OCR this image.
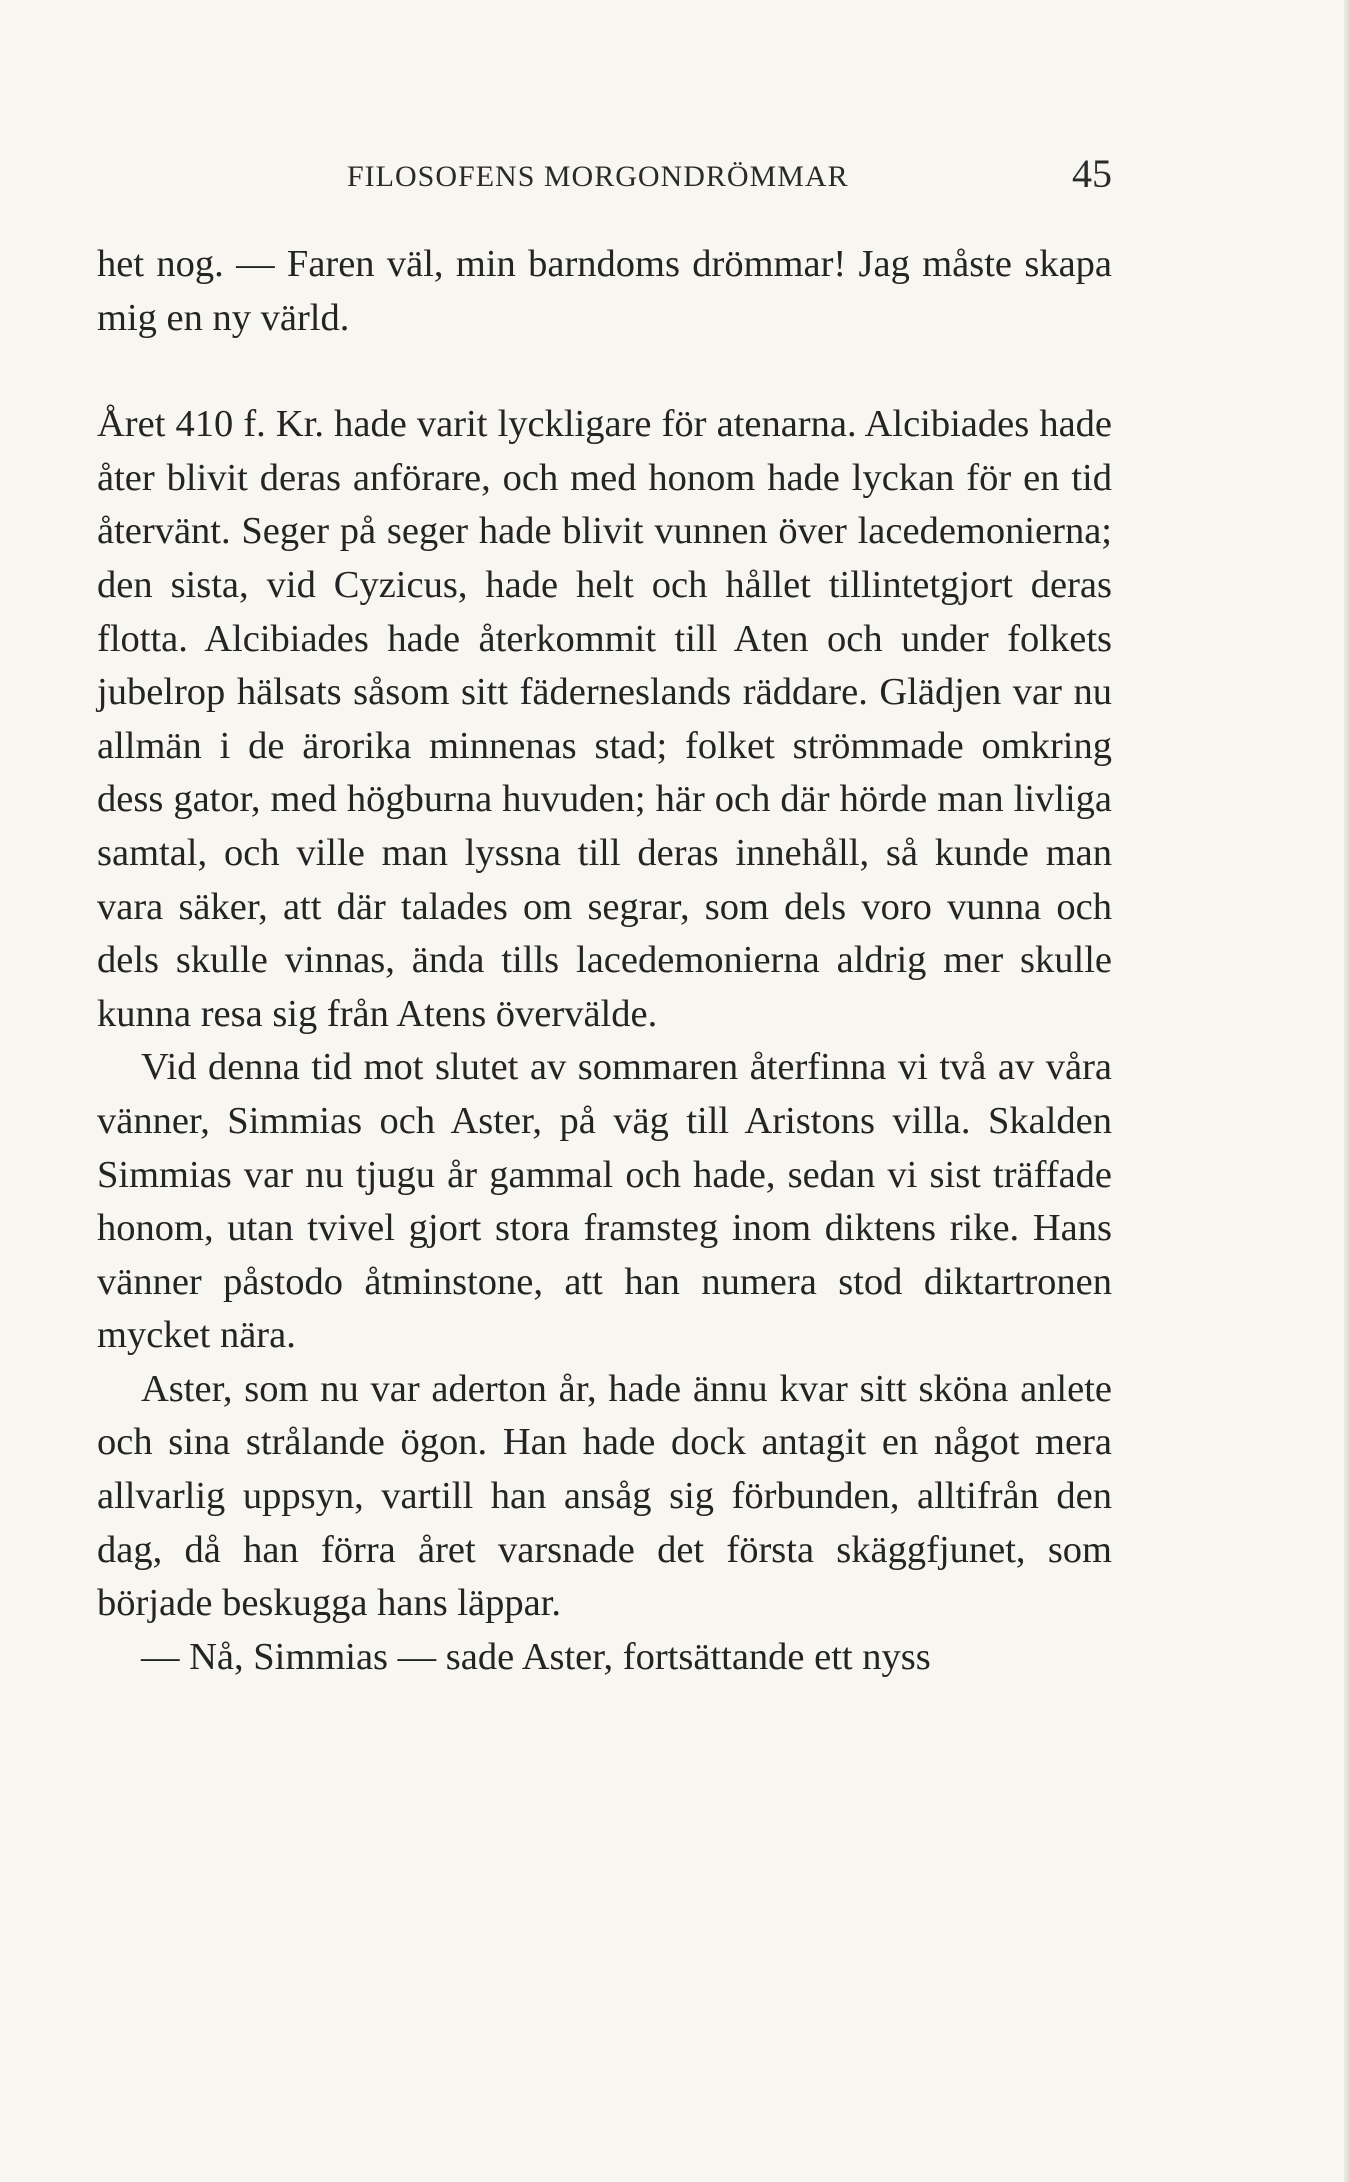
FILOSOFENS MORGONDRÖMMAR	45

het nog. — Faren väl, min barndoms drömmar! Jag måste skapa mig en ny värld.

Året 410 f. Kr. hade varit lyckligare för atenarna. Alcibiades hade åter blivit deras anförare, och med honom hade lyckan för en tid återvänt. Seger på seger hade blivit vunnen över lacedemonierna; den sista, vid Cyzicus, hade helt och hållet tillintetgjort deras flotta. Alcibiades hade återkommit till Aten och under folkets jubelrop hälsats såsom sitt fäderneslands räddare. Glädjen var nu allmän i de ärorika minnenas stad; folket strömmade omkring dess gator, med högburna huvuden; här och där hörde man livliga samtal, och ville man lyssna till deras innehåll, så kunde man vara säker, att där talades om segrar, som dels voro vunna och dels skulle vinnas, ända tills lacedemonierna aldrig mer skulle kunna resa sig från Atens övervälde.

Vid denna tid mot slutet av sommaren återfinna vi två av våra vänner, Simmias och Aster, på väg till Aristons villa. Skalden Simmias var nu tjugu år gammal och hade, sedan vi sist träffade honom, utan tvivel gjort stora framsteg inom diktens rike. Hans vänner påstodo åtminstone, att han numera stod diktartronen mycket nära.

Aster, som nu var aderton år, hade ännu kvar sitt sköna anlete och sina strålande ögon. Han hade dock antagit en något mera allvarlig uppsyn, vartill han ansåg sig förbunden, alltifrån den dag, då han förra året varsnade det första skäggfjunet, som började beskugga hans läppar.

— Nå, Simmias — sade Aster, fortsättande ett nyss
